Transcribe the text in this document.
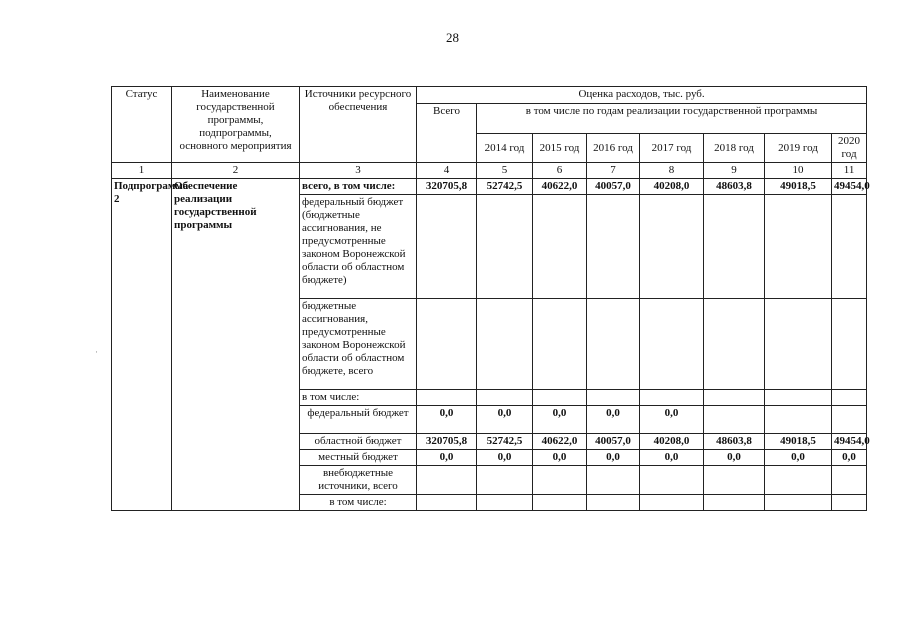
28
·
Статус	Наименование государственной программы, подпрограммы, основного мероприятия	Источники ресурсного обеспечения	Оценка расходов, тыс. руб.							
			Всего	в том числе по годам реализации государственной программы						
				2014 год	2015 год	2016 год	2017 год	2018 год	2019 год	2020 год
1	2	3	4	5	6	7	8	9	10	11
Подпрограмма 2	Обеспечение реализации государственной программы	всего, в том числе:	320705,8	52742,5	40622,0	40057,0	40208,0	48603,8	49018,5	49454,0
		федеральный бюджет (бюджетные ассигнования, не предусмотренные законом Воронежской области об областном бюджете)								
		бюджетные ассигнования, предусмотренные законом Воронежской области об областном бюджете, всего								
		в том числе:								
		федеральный бюджет	0,0	0,0	0,0	0,0	0,0			
		областной бюджет	320705,8	52742,5	40622,0	40057,0	40208,0	48603,8	49018,5	49454,0
		местный бюджет	0,0	0,0	0,0	0,0	0,0	0,0	0,0	0,0
		внебюджетные источники, всего								
		в том числе:								
